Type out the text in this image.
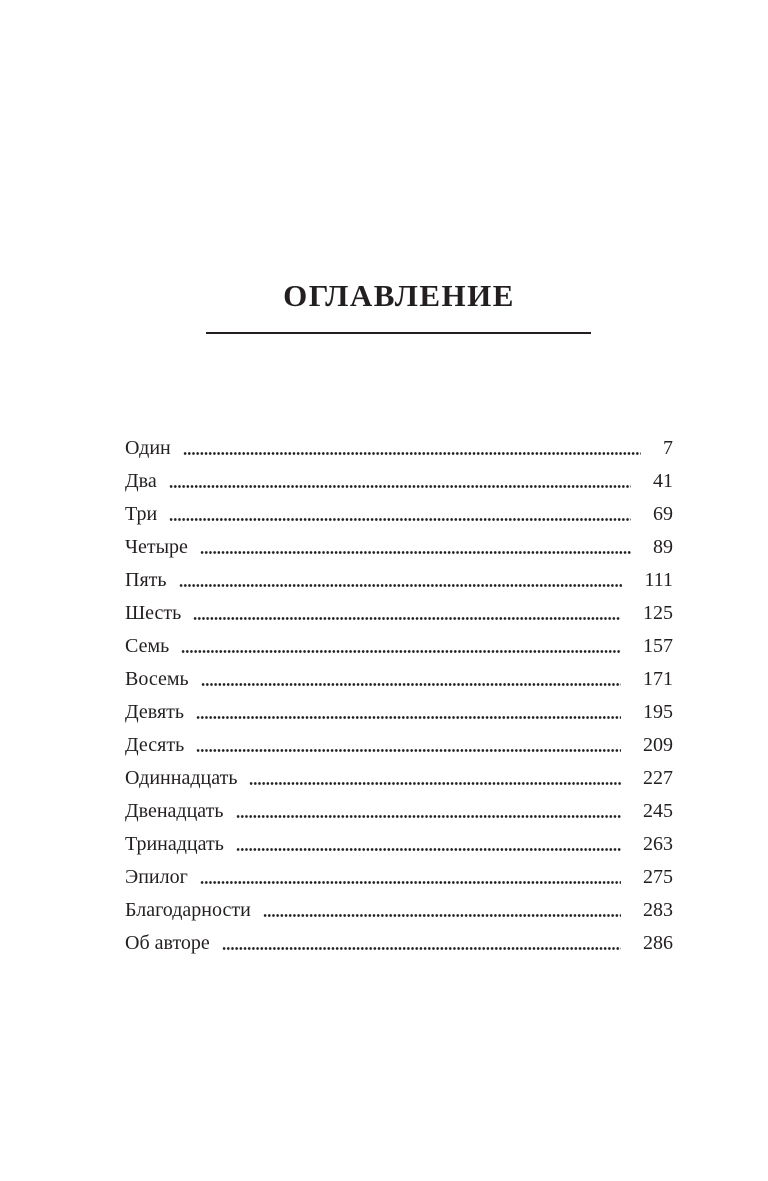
ОГЛАВЛЕНИЕ
Один	7
Два	41
Три	69
Четыре	89
Пять	111
Шесть	125
Семь	157
Восемь	171
Девять	195
Десять	209
Одиннадцать	227
Двенадцать	245
Тринадцать	263
Эпилог	275
Благодарности	283
Об авторе	286
